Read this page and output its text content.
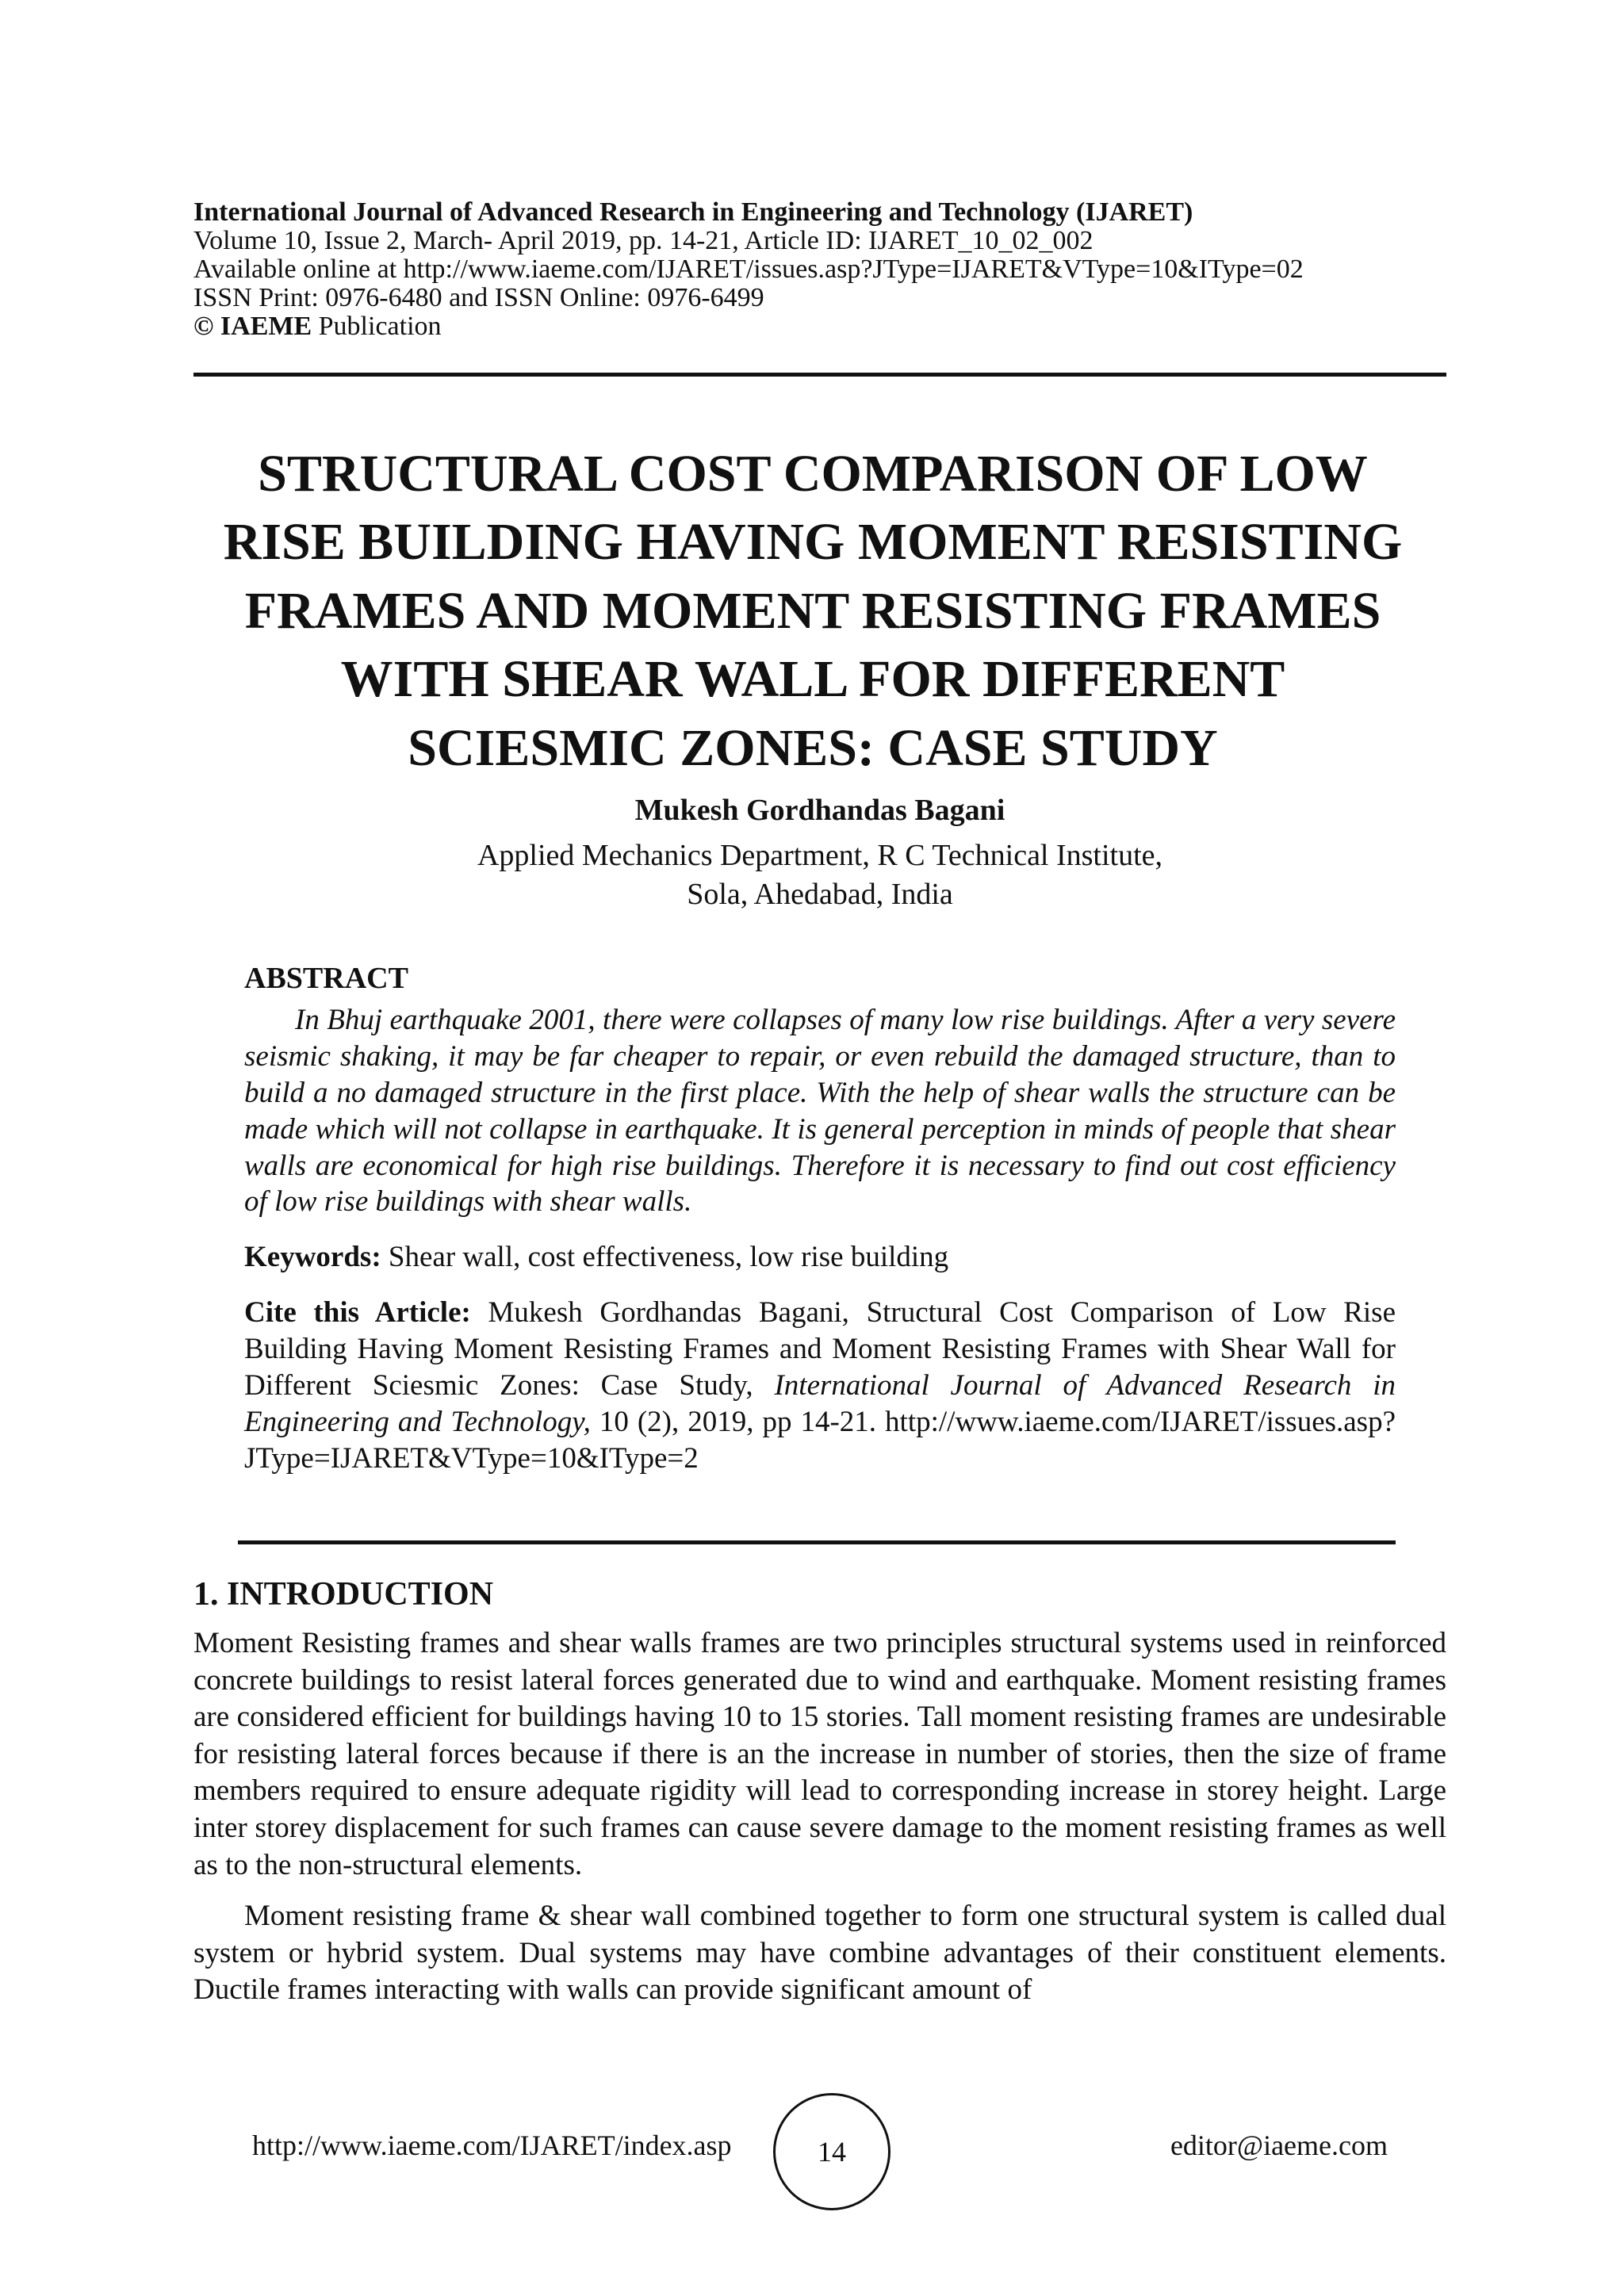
International Journal of Advanced Research in Engineering and Technology (IJARET)
Volume 10, Issue 2, March- April 2019, pp. 14-21, Article ID: IJARET_10_02_002
Available online at http://www.iaeme.com/IJARET/issues.asp?JType=IJARET&VType=10&IType=02
ISSN Print: 0976-6480 and ISSN Online: 0976-6499
© IAEME Publication
STRUCTURAL COST COMPARISON OF LOW
RISE BUILDING HAVING MOMENT RESISTING
FRAMES AND MOMENT RESISTING FRAMES
WITH SHEAR WALL FOR DIFFERENT
SCIESMIC ZONES: CASE STUDY
Mukesh Gordhandas Bagani
Applied Mechanics Department, R C Technical Institute,
Sola, Ahedabad, India
ABSTRACT

In Bhuj earthquake 2001, there were collapses of many low rise buildings. After a very severe seismic shaking, it may be far cheaper to repair, or even rebuild the damaged structure, than to build a no damaged structure in the first place. With the help of shear walls the structure can be made which will not collapse in earthquake. It is general perception in minds of people that shear walls are economical for high rise buildings. Therefore it is necessary to find out cost efficiency of low rise buildings with shear walls.

Keywords: Shear wall, cost effectiveness, low rise building
Cite this Article: Mukesh Gordhandas Bagani, Structural Cost Comparison of Low Rise Building Having Moment Resisting Frames and Moment Resisting Frames with Shear Wall for Different Sciesmic Zones: Case Study, International Journal of Advanced Research in Engineering and Technology, 10 (2), 2019, pp 14-21. http://www.iaeme.com/IJARET/issues.asp?JType=IJARET&VType=10&IType=2
1. INTRODUCTION

Moment Resisting frames and shear walls frames are two principles structural systems used in reinforced concrete buildings to resist lateral forces generated due to wind and earthquake. Moment resisting frames are considered efficient for buildings having 10 to 15 stories. Tall moment resisting frames are undesirable for resisting lateral forces because if there is an the increase in number of stories, then the size of frame members required to ensure adequate rigidity will lead to corresponding increase in storey height. Large inter storey displacement for such frames can cause severe damage to the moment resisting frames as well as to the non-structural elements.

Moment resisting frame & shear wall combined together to form one structural system is called dual system or hybrid system. Dual systems may have combine advantages of their constituent elements. Ductile frames interacting with walls can provide significant amount of

http://www.iaeme.com/IJARET/index.asp	14	editor@iaeme.com
